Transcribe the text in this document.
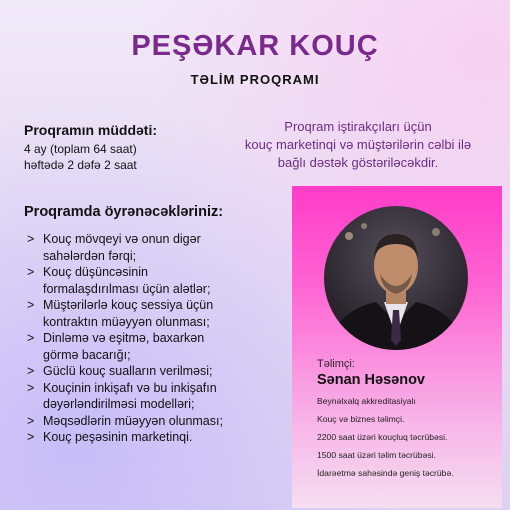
PEŞƏKAR KOUÇ
TƏLİM PROQRAMI
Proqramın müddəti:

4 ay (toplam 64 saat)

həftədə 2 dəfə 2 saat

Proqram iştirakçıları üçün
kouç marketinqi və müştərilərin cəlbi ilə
bağlı dəstək göstəriləcəkdir.
Proqramda öyrənəcəkləriniz:
> Kouç mövqeyi və onun digər
sahələrdən fərqi;
> Kouç düşüncəsinin
formalaşdırılması üçün alətlər;
> Müştərilərlə kouç sessiya üçün
kontraktın müəyyən olunması;
> Dinləmə və eşitmə, baxarkən
görmə bacarığı;
> Güclü kouç sualların verilməsi;
> Kouçinin inkişafı və bu inkişafın
dəyərləndirilməsi modelləri;
> Məqsədlərin müəyyən olunması;
> Kouç peşəsinin marketinqi.
Təlimçi:
Sənan Həsənov
Beynəlxalq akkreditasiyalı
Kouç və biznes təlimçi.
2200 saat üzəri kouçluq təcrübəsi.
1500 saat üzəri təlim təcrübəsi.
İdarəetmə sahəsində geniş təcrübə.
